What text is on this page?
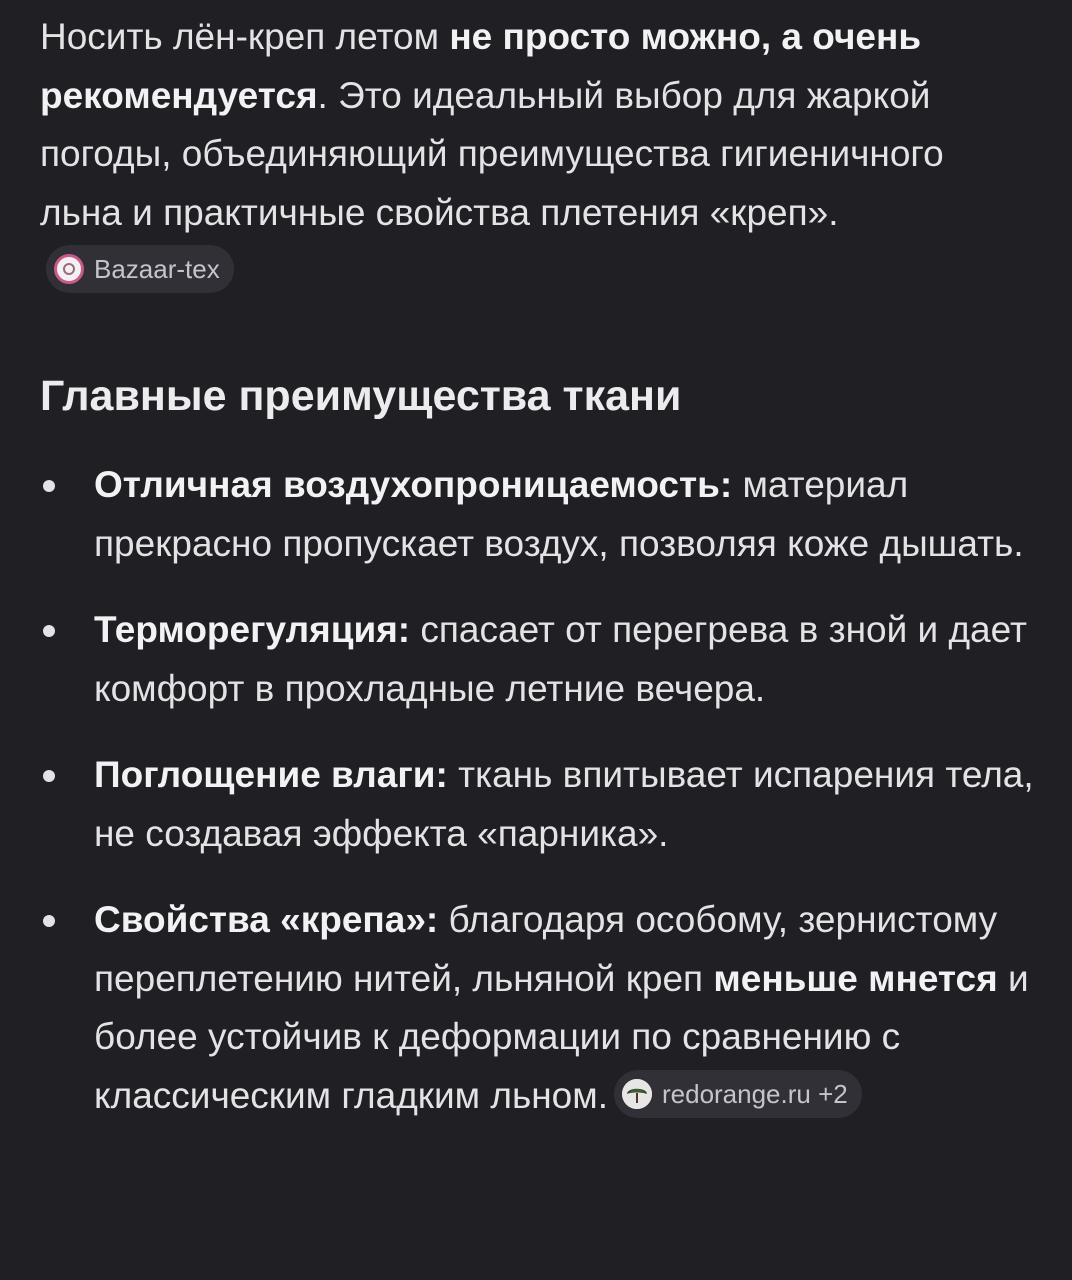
Носить лён-креп летом не просто можно, а очень рекомендуется. Это идеальный выбор для жаркой погоды, объединяющий преимущества гигиеничного льна и практичные свойства плетения «креп».
Bazaar-tex

Главные преимущества ткани
Отличная воздухопроницаемость: материал прекрасно пропускает воздух, позволяя коже дышать.
Терморегуляция: спасает от перегрева в зной и дает комфорт в прохладные летние вечера.
Поглощение влаги: ткань впитывает испарения тела, не создавая эффекта «парника».
Свойства «крепа»: благодаря особому, зернистому переплетению нитей, льняной креп меньше мнется и более устойчив к деформации по сравнению с классическим гладким льном. redorange.ru +2
